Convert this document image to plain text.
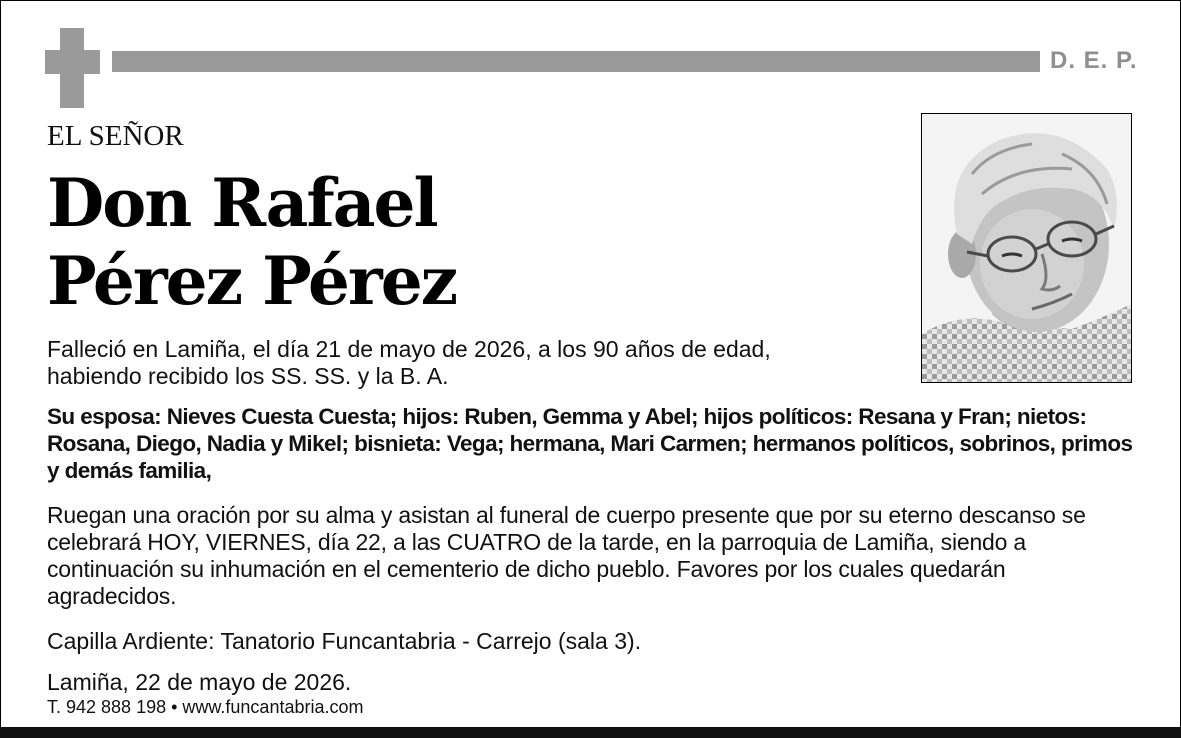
D. E. P.
EL SEÑOR
Don Rafael
Pérez Pérez
Falleció en Lamiña, el día 21 de mayo de 2026, a los 90 años de edad,
habiendo recibido los SS. SS. y la B. A.
Su esposa: Nieves Cuesta Cuesta; hijos: Ruben, Gemma y Abel; hijos políticos: Resana y Fran; nietos: Rosana, Diego, Nadia y Mikel; bisnieta: Vega; hermana, Mari Carmen; hermanos políticos, sobrinos, primos y demás familia,
Ruegan una oración por su alma y asistan al funeral de cuerpo presente que por su eterno descanso se celebrará HOY, VIERNES, día 22, a las CUATRO de la tarde, en la parroquia de Lamiña, siendo a continuación su inhumación en el cementerio de dicho pueblo. Favores por los cuales quedarán agradecidos.
Capilla Ardiente: Tanatorio Funcantabria - Carrejo (sala 3).
Lamiña, 22 de mayo de 2026.
T. 942 888 198 • www.funcantabria.com
